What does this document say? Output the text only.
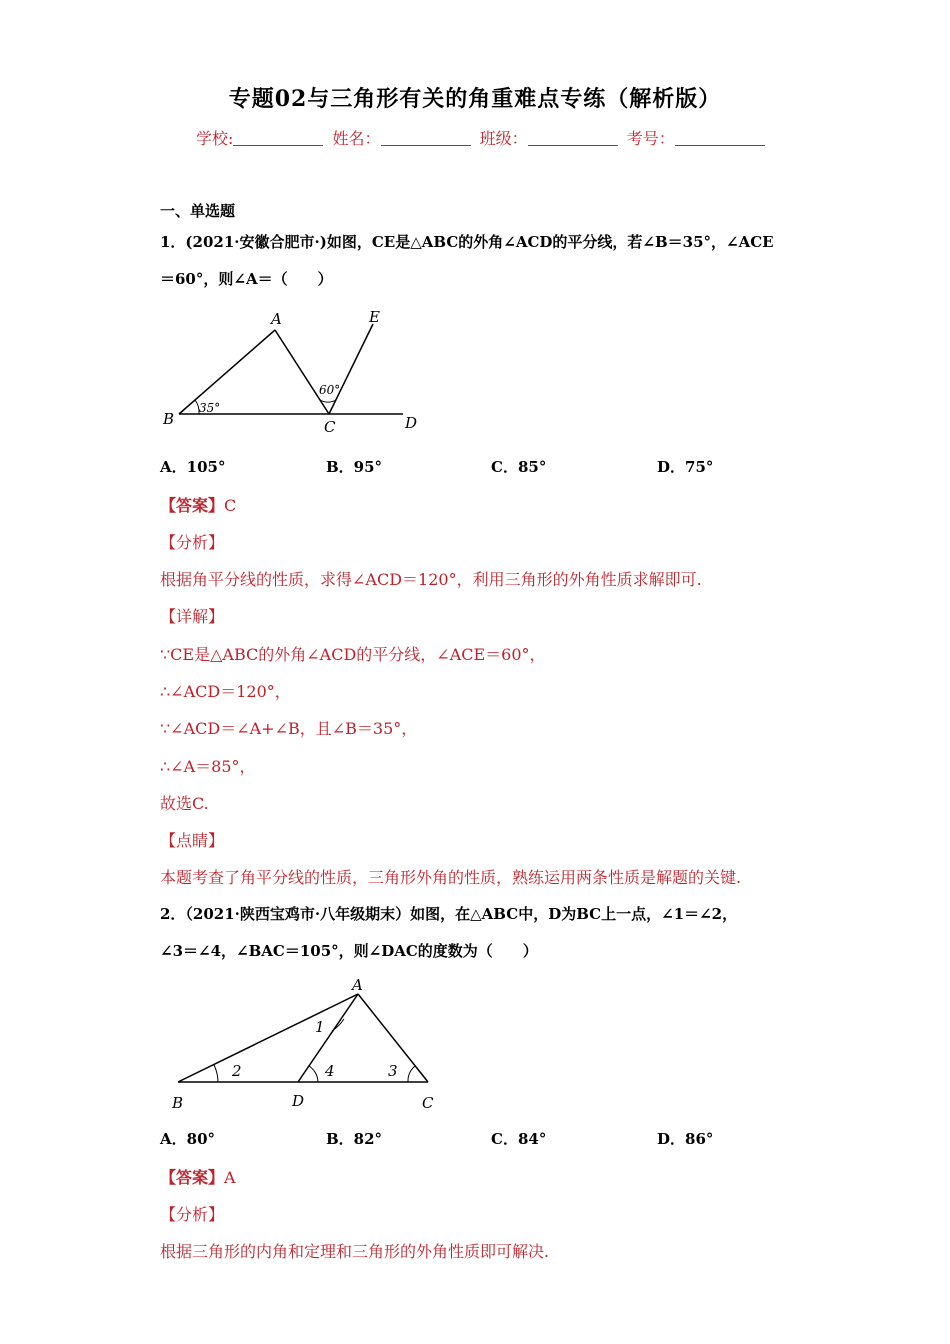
专题02与三角形有关的角重难点专练（解析版）
学校:	姓名：	班级：	考号：
一、单选题
1．(2021·安徽合肥市·)如图，CE是△ABC的外角∠ACD的平分线，若∠B＝35°，∠ACE
＝60°，则∠A＝（　　）
A
B	C	D
E
35°
60°
A．105°	B．95°	C．85°	D．75°
【答案】C
【分析】
根据角平分线的性质，求得∠ACD＝120°，利用三角形的外角性质求解即可.
【详解】
∵CE是△ABC的外角∠ACD的平分线，∠ACE＝60°，
∴∠ACD＝120°，
∵∠ACD＝∠A+∠B，且∠B＝35°，
∴∠A＝85°，
故选C.
【点睛】
本题考查了角平分线的性质，三角形外角的性质，熟练运用两条性质是解题的关键.
2．（2021·陕西宝鸡市·八年级期末）如图，在△ABC中，D为BC上一点，∠1＝∠2，
∠3＝∠4，∠BAC＝105°，则∠DAC的度数为（　　）
A
B	D	C
1
2	3
4
A．80°	B．82°	C．84°	D．86°
【答案】A
【分析】
根据三角形的内角和定理和三角形的外角性质即可解决.
